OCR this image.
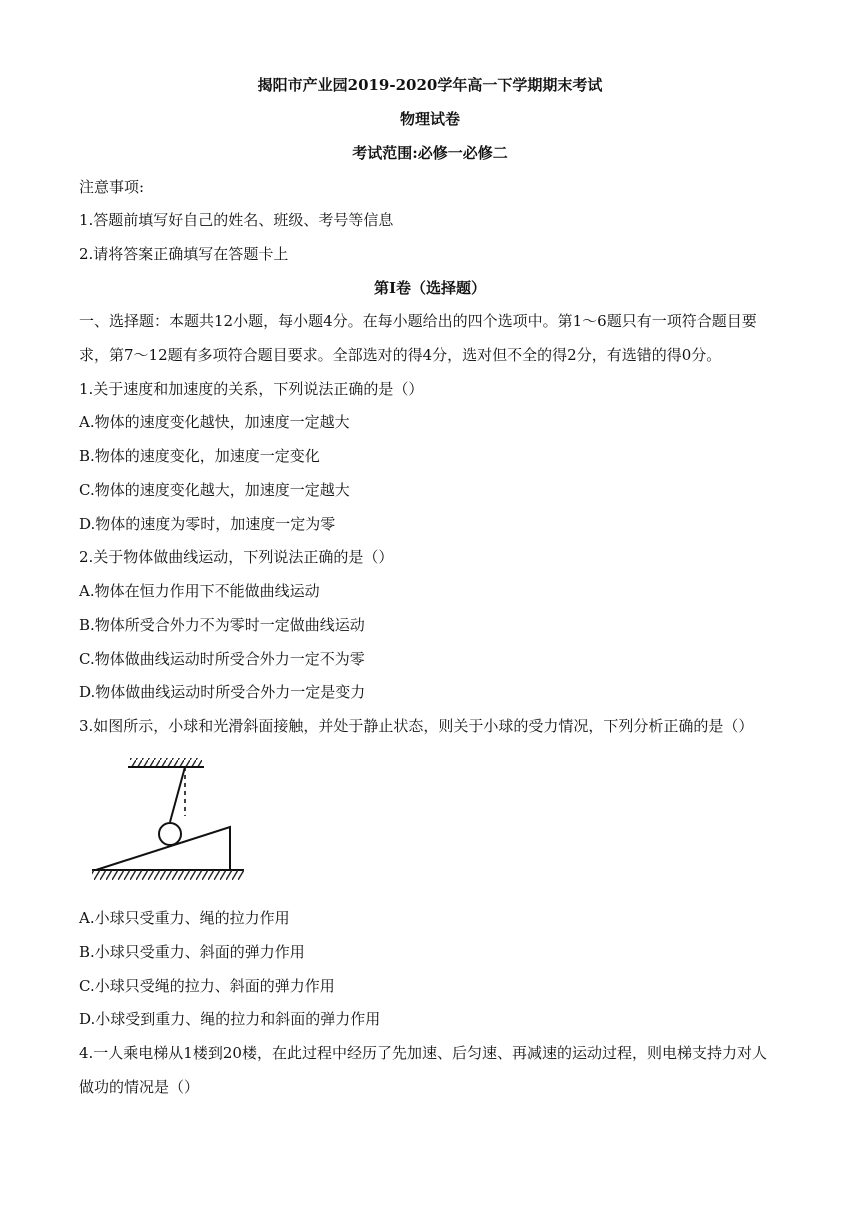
揭阳市产业园2019-2020学年高一下学期期末考试
物理试卷
考试范围:必修一必修二
注意事项:
1.答题前填写好自己的姓名、班级、考号等信息
2.请将答案正确填写在答题卡上
第I卷（选择题）
一、选择题：本题共12小题，每小题4分。在每小题给出的四个选项中。第1～6题只有一项符合题目要
求，第7～12题有多项符合题目要求。全部选对的得4分，选对但不全的得2分，有选错的得0分。
1.关于速度和加速度的关系，下列说法正确的是（）
A.物体的速度变化越快，加速度一定越大
B.物体的速度变化，加速度一定变化
C.物体的速度变化越大，加速度一定越大
D.物体的速度为零时，加速度一定为零
2.关于物体做曲线运动，下列说法正确的是（）
A.物体在恒力作用下不能做曲线运动
B.物体所受合外力不为零时一定做曲线运动
C.物体做曲线运动时所受合外力一定不为零
D.物体做曲线运动时所受合外力一定是变力
3.如图所示，小球和光滑斜面接触，并处于静止状态，则关于小球的受力情况，下列分析正确的是（）
A.小球只受重力、绳的拉力作用
B.小球只受重力、斜面的弹力作用
C.小球只受绳的拉力、斜面的弹力作用
D.小球受到重力、绳的拉力和斜面的弹力作用
4.一人乘电梯从1楼到20楼，在此过程中经历了先加速、后匀速、再减速的运动过程，则电梯支持力对人
做功的情况是（）
